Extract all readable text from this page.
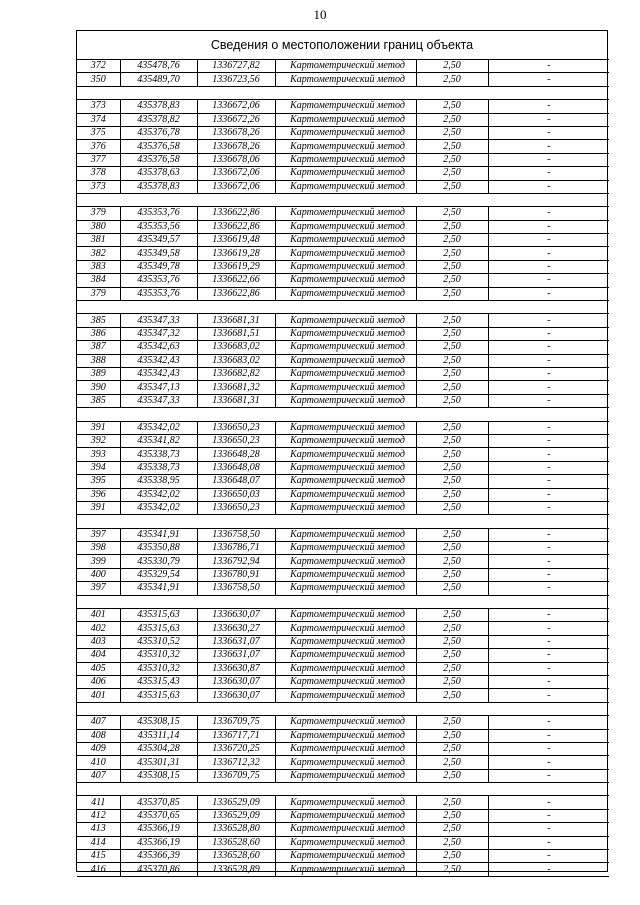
10
Сведения о местоположении границ объекта
372	435478,76	1336727,82	Картометрический метод	2,50	-
350	435489,70	1336723,56	Картометрический метод	2,50	-

373	435378,83	1336672,06	Картометрический метод	2,50	-
374	435378,82	1336672,26	Картометрический метод	2,50	-
375	435376,78	1336678,26	Картометрический метод	2,50	-
376	435376,58	1336678,26	Картометрический метод	2,50	-
377	435376,58	1336678,06	Картометрический метод	2,50	-
378	435378,63	1336672,06	Картометрический метод	2,50	-
373	435378,83	1336672,06	Картометрический метод	2,50	-

379	435353,76	1336622,86	Картометрический метод	2,50	-
380	435353,56	1336622,86	Картометрический метод	2,50	-
381	435349,57	1336619,48	Картометрический метод	2,50	-
382	435349,58	1336619,28	Картометрический метод	2,50	-
383	435349,78	1336619,29	Картометрический метод	2,50	-
384	435353,76	1336622,66	Картометрический метод	2,50	-
379	435353,76	1336622,86	Картометрический метод	2,50	-

385	435347,33	1336681,31	Картометрический метод	2,50	-
386	435347,32	1336681,51	Картометрический метод	2,50	-
387	435342,63	1336683,02	Картометрический метод	2,50	-
388	435342,43	1336683,02	Картометрический метод	2,50	-
389	435342,43	1336682,82	Картометрический метод	2,50	-
390	435347,13	1336681,32	Картометрический метод	2,50	-
385	435347,33	1336681,31	Картометрический метод	2,50	-

391	435342,02	1336650,23	Картометрический метод	2,50	-
392	435341,82	1336650,23	Картометрический метод	2,50	-
393	435338,73	1336648,28	Картометрический метод	2,50	-
394	435338,73	1336648,08	Картометрический метод	2,50	-
395	435338,95	1336648,07	Картометрический метод	2,50	-
396	435342,02	1336650,03	Картометрический метод	2,50	-
391	435342,02	1336650,23	Картометрический метод	2,50	-

397	435341,91	1336758,50	Картометрический метод	2,50	-
398	435350,88	1336786,71	Картометрический метод	2,50	-
399	435330,79	1336792,94	Картометрический метод	2,50	-
400	435329,54	1336780,91	Картометрический метод	2,50	-
397	435341,91	1336758,50	Картометрический метод	2,50	-

401	435315,63	1336630,07	Картометрический метод	2,50	-
402	435315,63	1336630,27	Картометрический метод	2,50	-
403	435310,52	1336631,07	Картометрический метод	2,50	-
404	435310,32	1336631,07	Картометрический метод	2,50	-
405	435310,32	1336630,87	Картометрический метод	2,50	-
406	435315,43	1336630,07	Картометрический метод	2,50	-
401	435315,63	1336630,07	Картометрический метод	2,50	-

407	435308,15	1336709,75	Картометрический метод	2,50	-
408	435311,14	1336717,71	Картометрический метод	2,50	-
409	435304,28	1336720,25	Картометрический метод	2,50	-
410	435301,31	1336712,32	Картометрический метод	2,50	-
407	435308,15	1336709,75	Картометрический метод	2,50	-

411	435370,85	1336529,09	Картометрический метод	2,50	-
412	435370,65	1336529,09	Картометрический метод	2,50	-
413	435366,19	1336528,80	Картометрический метод	2,50	-
414	435366,19	1336528,60	Картометрический метод	2,50	-
415	435366,39	1336528,60	Картометрический метод	2,50	-
416	435370,86	1336528,89	Картометрический метод	2,50	-
